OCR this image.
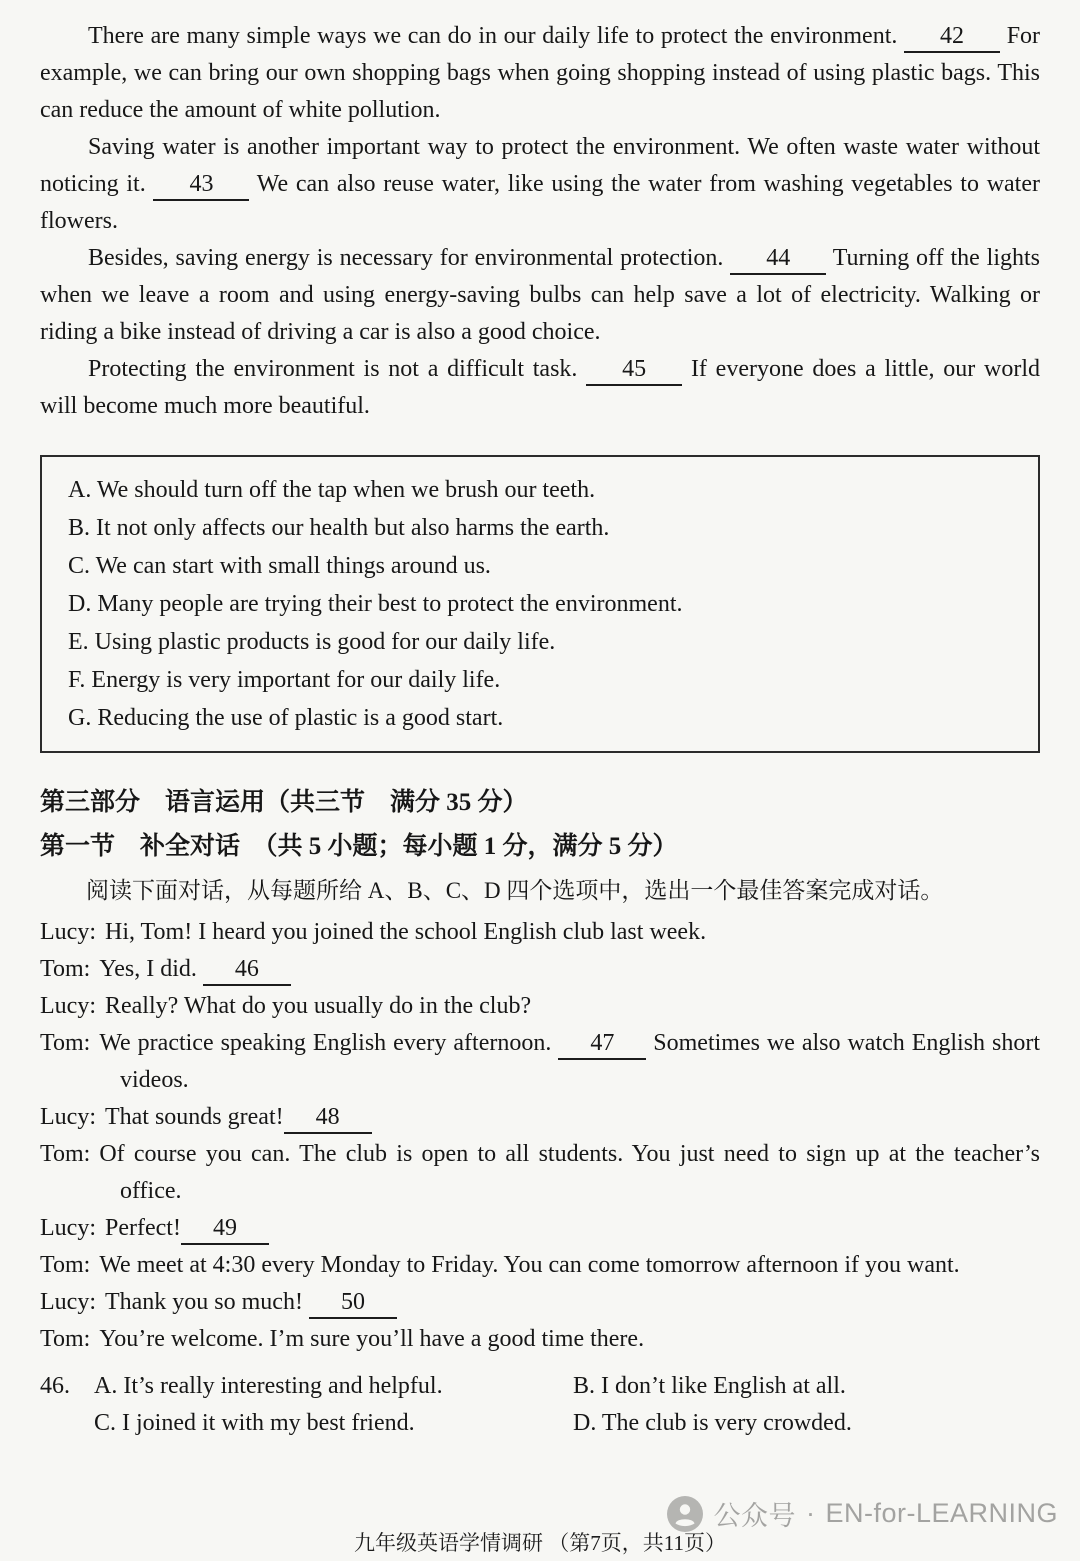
There are many simple ways we can do in our daily life to protect the environment. 42 For example, we can bring our own shopping bags when going shopping instead of using plastic bags. This can reduce the amount of white pollution.

Saving water is another important way to protect the environment. We often waste water without noticing it. 43 We can also reuse water, like using the water from washing vegetables to water flowers.

Besides, saving energy is necessary for environmental protection. 44 Turning off the lights when we leave a room and using energy-saving bulbs can help save a lot of electricity. Walking or riding a bike instead of driving a car is also a good choice.

Protecting the environment is not a difficult task. 45 If everyone does a little, our world will become much more beautiful.

A. We should turn off the tap when we brush our teeth.
B. It not only affects our health but also harms the earth.
C. We can start with small things around us.
D. Many people are trying their best to protect the environment.
E. Using plastic products is good for our daily life.
F. Energy is very important for our daily life.
G. Reducing the use of plastic is a good start.
第三部分　语言运用（共三节　满分 35 分）
第一节　补全对话　（共 5 小题；每小题 1 分，满分 5 分）
阅读下面对话，从每题所给 A、B、C、D 四个选项中，选出一个最佳答案完成对话。
Lucy: Hi, Tom! I heard you joined the school English club last week.
Tom: Yes, I did. 46
Lucy: Really? What do you usually do in the club?
Tom: We practice speaking English every afternoon. 47 Sometimes we also watch English short videos.
Lucy: That sounds great! 48
Tom: Of course you can. The club is open to all students. You just need to sign up at the teacher’s office.
Lucy: Perfect! 49
Tom: We meet at 4:30 every Monday to Friday. You can come tomorrow afternoon if you want.
Lucy: Thank you so much! 50
Tom: You’re welcome. I’m sure you’ll have a good time there.
46.	A. It’s really interesting and helpful.	B. I don’t like English at all.
C. I joined it with my best friend.	D. The club is very crowded.
公众号 · EN-for-LEARNING
九年级英语学情调研 （第7页，共11页）
